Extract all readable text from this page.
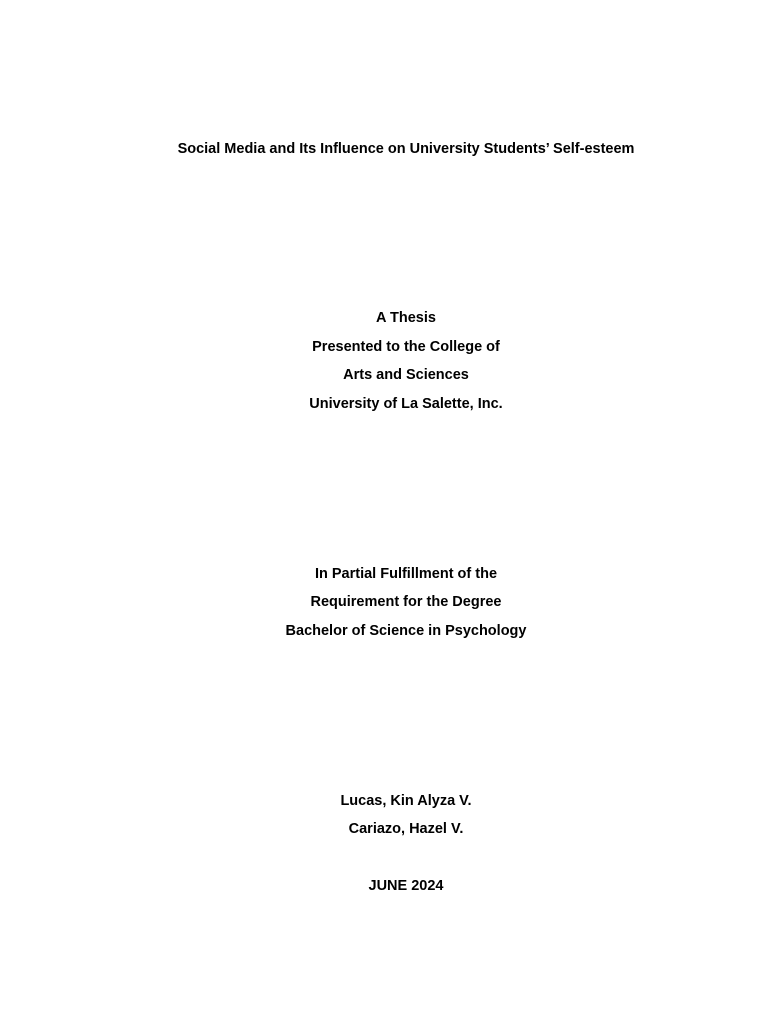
Social Media and Its Influence on University Students’ Self-esteem
A Thesis
Presented to the College of
Arts and Sciences
University of La Salette, Inc.
In Partial Fulfillment of the
Requirement for the Degree
Bachelor of Science in Psychology
Lucas, Kin Alyza V.
Cariazo, Hazel V.
JUNE 2024
